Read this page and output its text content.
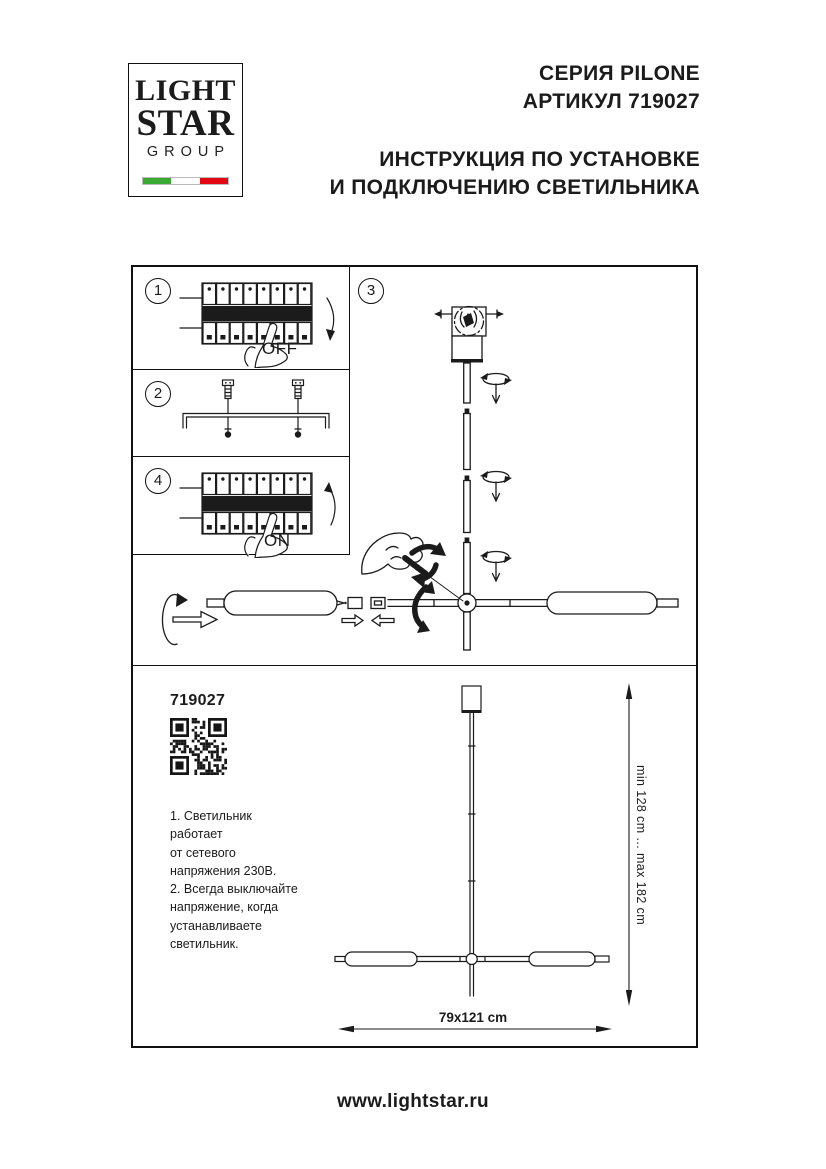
LIGHT
STAR
GROUP
СЕРИЯ PILONE
АРТИКУЛ 719027
ИНСТРУКЦИЯ ПО УСТАНОВКЕ
И ПОДКЛЮЧЕНИЮ СВЕТИЛЬНИКА
1
OFF
2
4
ON
3
719027
1. Светильник
работает
от сетевого
напряжения 230В.
2. Всегда выключайте
напряжение, когда
устанавливаете
светильник.
min 128 cm ... max 182 cm
79x121 cm
www.lightstar.ru
